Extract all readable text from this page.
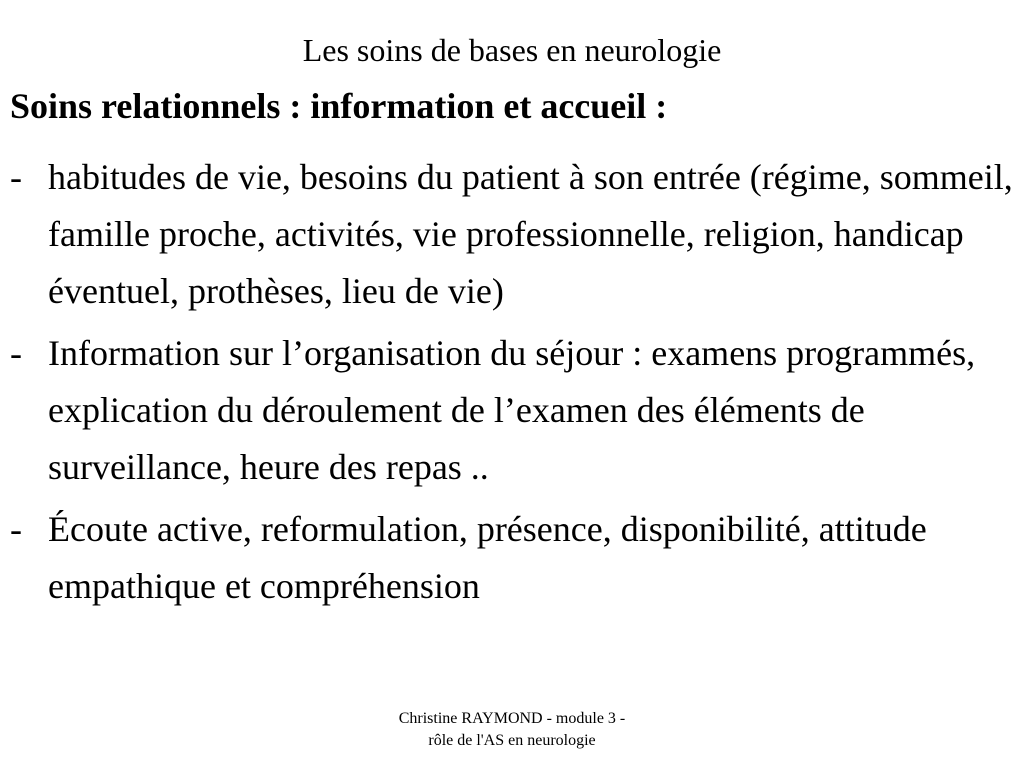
Les soins de bases en neurologie
Soins relationnels : information et accueil :
- habitudes de vie, besoins du patient à son entrée (régime, sommeil, famille proche, activités, vie professionnelle, religion, handicap éventuel, prothèses, lieu de vie)
- Information sur l’organisation du séjour : examens programmés, explication du déroulement de l’examen des éléments de surveillance, heure des repas ..
- Écoute active, reformulation, présence, disponibilité, attitude empathique et compréhension
Christine RAYMOND - module 3 -
rôle de l'AS en neurologie
